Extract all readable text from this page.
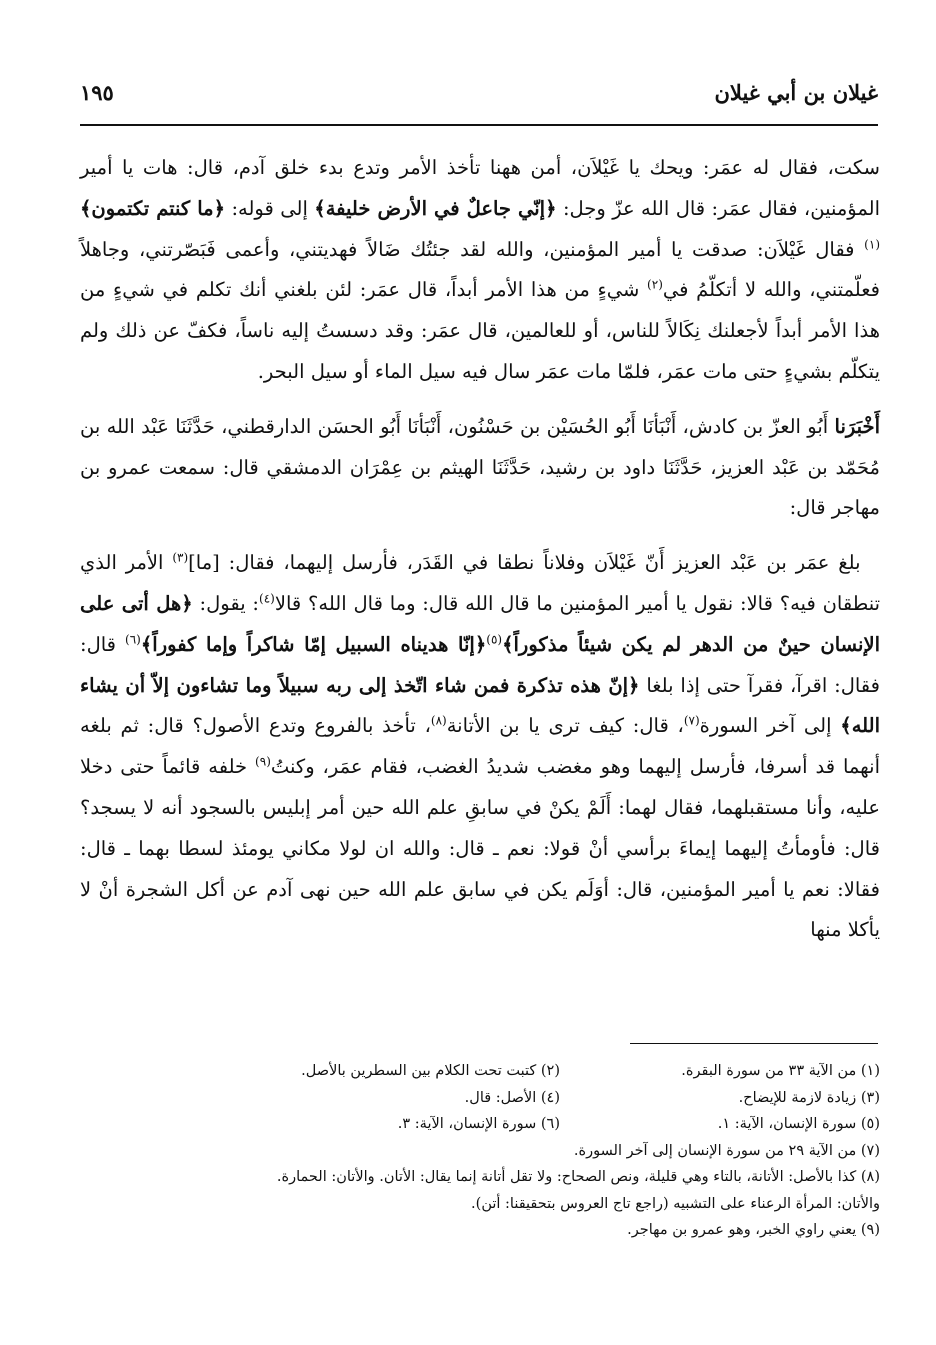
غيلان بن أبي غيلان
١٩٥

سكت، فقال له عمَر: ويحك يا غَيْلاَن، أمن ههنا تأخذ الأمر وتدع بدء خلق آدم، قال: هات يا أمير المؤمنين، فقال عمَر: قال الله عزّ وجل: ﴿إنّي جاعلٌ في الأرض خليفة﴾ إلى قوله: ﴿ما كنتم تكتمون﴾$^{(١)}$ فقال غَيْلاَن: صدقت يا أمير المؤمنين، والله لقد جئتُك ضَالاً فهديتني، وأعمى فَبَصّرتني، وجاهلاً فعلّمتني، والله لا أتكلّمُ في$^{(٢)}$ شيءٍ من هذا الأمر أبداً، قال عمَر: لئن بلغني أنك تكلم في شيءٍ من هذا الأمر أبداً لأجعلنك نِكَالاً للناس، أو للعالمين، قال عمَر: وقد دسستُ إليه ناساً، فكفّ عن ذلك ولم يتكلّم بشيءٍ حتى مات عمَر، فلمّا مات عمَر سال فيه سيل الماء أو سيل البحر.

أَخْبَرَنا أَبُو العزّ بن كادش، أَنْبَأنَا أَبُو الحُسَيْن بن حَسْنُون، أَنْبَأنَا أَبُو الحسَن الدارقطني، حَدَّثَنَا عَبْد الله بن مُحَمّد بن عَبْد العزيز، حَدَّثَنَا داود بن رشيد، حَدَّثَنَا الهيثم بن عِمْرَان الدمشقي قال: سمعت عمرو بن مهاجر قال:

 بلغ عمَر بن عَبْد العزيز أَنّ غَيْلاَن وفلاناً نطقا في القَدَر، فأرسل إليهما، فقال: [ما]$^{(٣)}$ الأمر الذي تنطقان فيه؟ قالا: نقول يا أمير المؤمنين ما قال الله قال: وما قال الله؟ قالا$^{(٤)}$: يقول: ﴿هل أتى على الإنسان حينٌ من الدهر لم يكن شيئاً مذكوراً﴾$^{(٥)}$﴿إنّا هديناه السبيل إمّا شاكراً وإما كفوراً﴾$^{(٦)}$ قال: فقال: اقرآ، فقرآ حتى إذا بلغا ﴿إنّ هذه تذكرة فمن شاء اتّخذ إلى ربه سبيلاً وما تشاءون إلاّ أن يشاء الله﴾ إلى آخر السورة$^{(٧)}$، قال: كيف ترى يا بن الأتانة$^{(٨)}$، تأخذ بالفروع وتدع الأصول؟ قال: ثم بلغه أنهما قد أسرفا، فأرسل إليهما وهو مغضب شديدُ الغضب، فقام عمَر، وكنتُ$^{(٩)}$ خلفه قائماً حتى دخلا عليه، وأنا مستقبلهما، فقال لهما: أَلَمْ يكنْ في سابقِ علم الله حين أمر إبليس بالسجود أنه لا يسجد؟ قال: فأومأتُ إليهما إيماءَ برأسي أنْ قولا: نعم ـ قال: والله ان لولا مكاني يومئذ لسطا بهما ـ قال: فقالا: نعم يا أمير المؤمنين، قال: أوَلَم يكن في سابق علم الله حين نهى آدم عن أكل الشجرة أنْ لا يأكلا منها

(١) من الآية ٣٣ من سورة البقرة.
(٢) كتبت تحت الكلام بين السطرين بالأصل.
(٣) زيادة لازمة للإيضاح.
(٤) الأصل: قال.
(٥) سورة الإنسان، الآية: ١.
(٦) سورة الإنسان، الآية: ٣.
(٧) من الآية ٢٩ من سورة الإنسان إلى آخر السورة.
(٨) كذا بالأصل: الأتانة، بالتاء وهي قليلة، ونص الصحاح: ولا تقل أتانة إنما يقال: الأتان. والأتان: الحمارة.
والأتان: المرأة الرعناء على التشبيه (راجع تاج العروس بتحقيقنا: أتن).
(٩) يعني راوي الخبر، وهو عمرو بن مهاجر.
